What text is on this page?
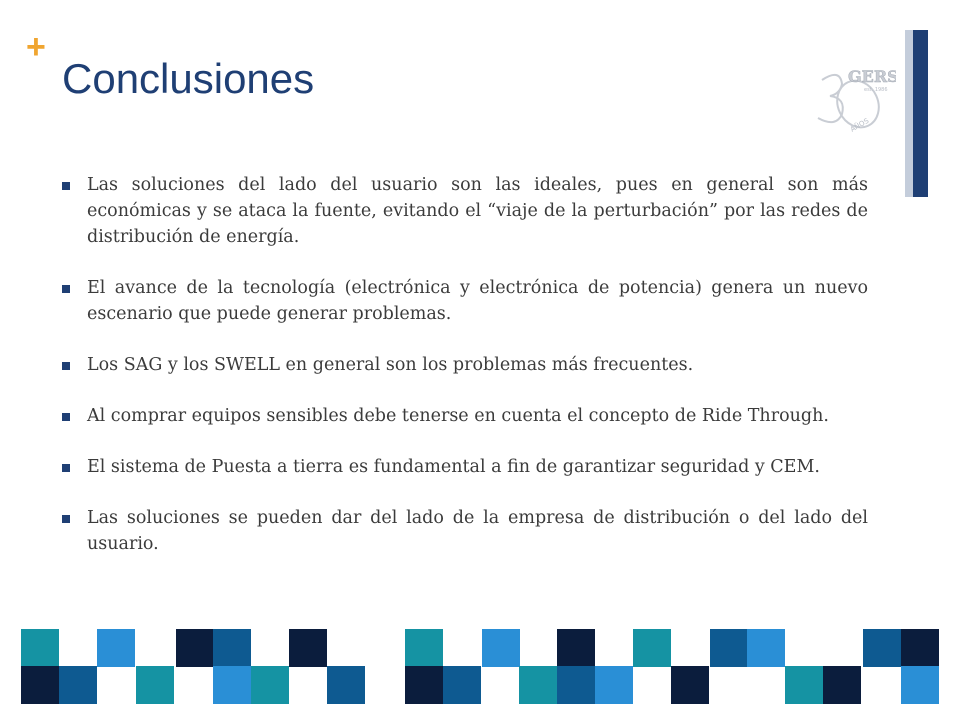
+
Conclusiones	GERS
est. 1986
AÑOS
Las soluciones del lado del usuario son las ideales, pues en general son más económicas y se ataca la fuente, evitando el “viaje de la perturbación” por las redes de distribución de energía.
El avance de la tecnología (electrónica y electrónica de potencia) genera un nuevo escenario que puede generar problemas.
Los SAG y los SWELL en general son los problemas más frecuentes.
Al comprar equipos sensibles debe tenerse en cuenta el concepto de Ride Through.
El sistema de Puesta a tierra es fundamental a fin de garantizar seguridad y CEM.
Las soluciones se pueden dar del lado de la empresa de distribución o del lado del usuario.
